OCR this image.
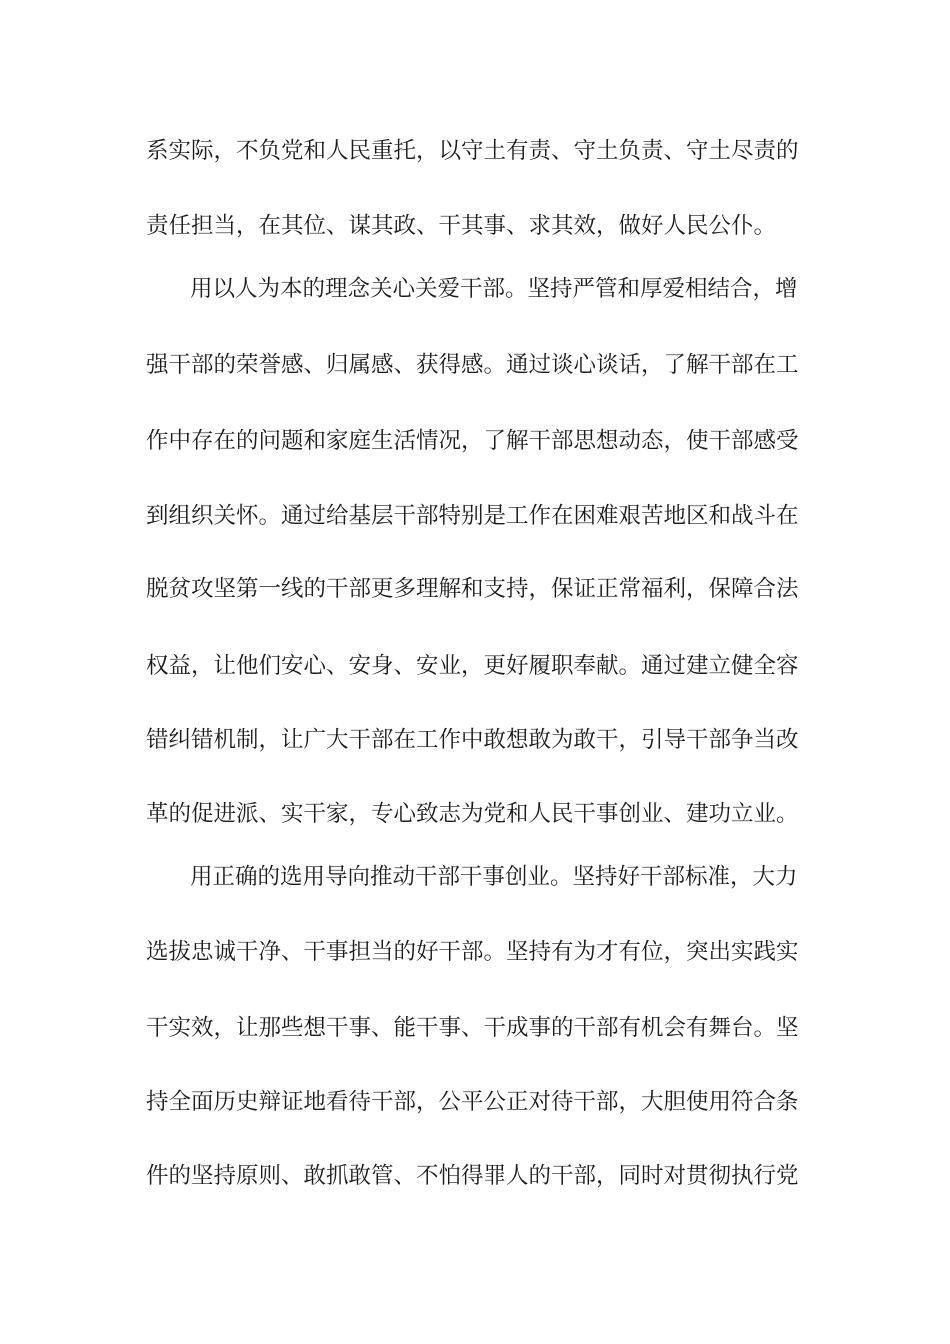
系实际，不负党和人民重托，以守土有责、守土负责、守土尽责的
责任担当，在其位、谋其政、干其事、求其效，做好人民公仆。
用以人为本的理念关心关爱干部。坚持严管和厚爱相结合，增
强干部的荣誉感、归属感、获得感。通过谈心谈话，了解干部在工
作中存在的问题和家庭生活情况，了解干部思想动态，使干部感受
到组织关怀。通过给基层干部特别是工作在困难艰苦地区和战斗在
脱贫攻坚第一线的干部更多理解和支持，保证正常福利，保障合法
权益，让他们安心、安身、安业，更好履职奉献。通过建立健全容
错纠错机制，让广大干部在工作中敢想敢为敢干，引导干部争当改
革的促进派、实干家，专心致志为党和人民干事创业、建功立业。
用正确的选用导向推动干部干事创业。坚持好干部标准，大力
选拔忠诚干净、干事担当的好干部。坚持有为才有位，突出实践实
干实效，让那些想干事、能干事、干成事的干部有机会有舞台。坚
持全面历史辩证地看待干部，公平公正对待干部，大胆使用符合条
件的坚持原则、敢抓敢管、不怕得罪人的干部，同时对贯彻执行党
